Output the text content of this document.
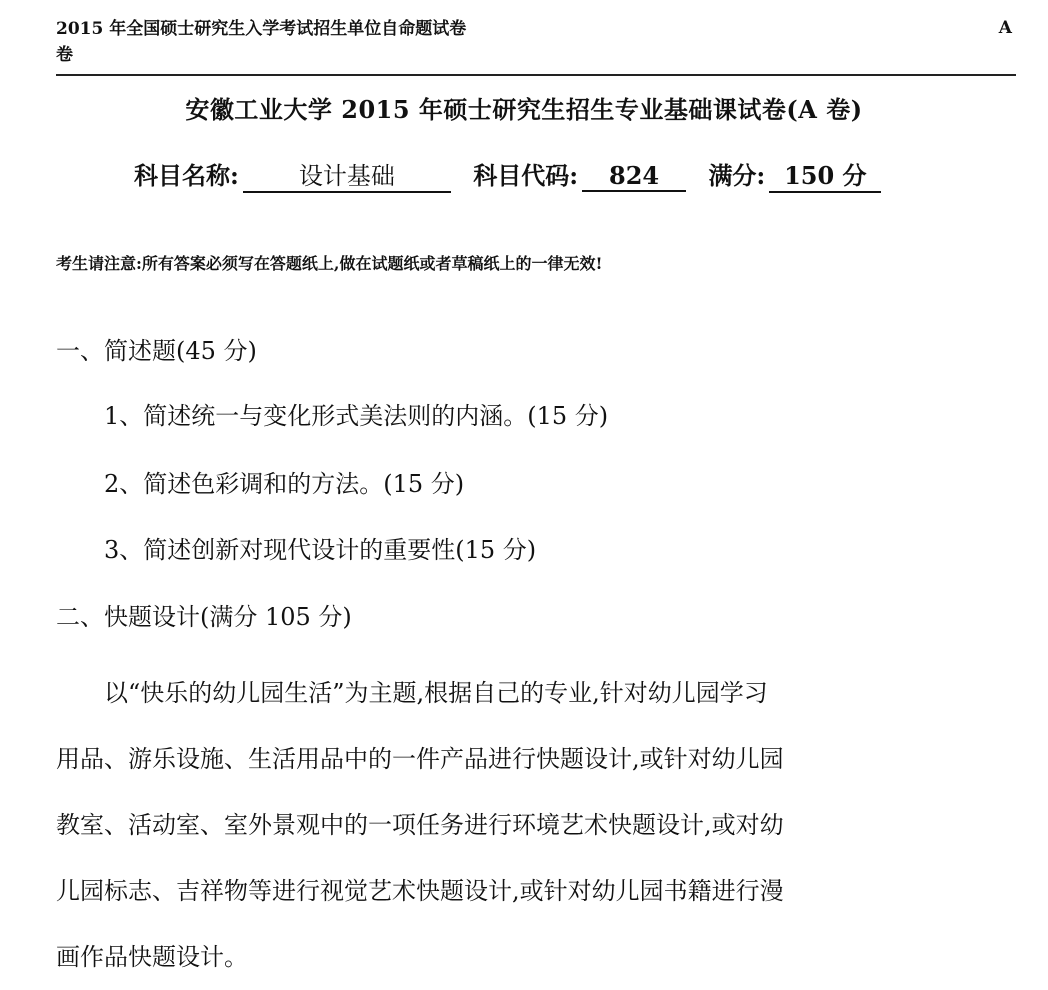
2015 年全国硕士研究生入学考试招生单位自命题试卷
卷
A
安徽工业大学 2015 年硕士研究生招生专业基础课试卷(A 卷)
科目名称:	设计基础	科目代码: 824 满分: 150 分
考生请注意:所有答案必须写在答题纸上,做在试题纸或者草稿纸上的一律无效!
一、简述题(45 分)
1、简述统一与变化形式美法则的内涵。(15 分)
2、简述色彩调和的方法。(15 分)
3、简述创新对现代设计的重要性(15 分)
二、快题设计(满分 105 分)
以“快乐的幼儿园生活”为主题,根据自己的专业,针对幼儿园学习
用品、游乐设施、生活用品中的一件产品进行快题设计,或针对幼儿园
教室、活动室、室外景观中的一项任务进行环境艺术快题设计,或对幼
儿园标志、吉祥物等进行视觉艺术快题设计,或针对幼儿园书籍进行漫
画作品快题设计。
